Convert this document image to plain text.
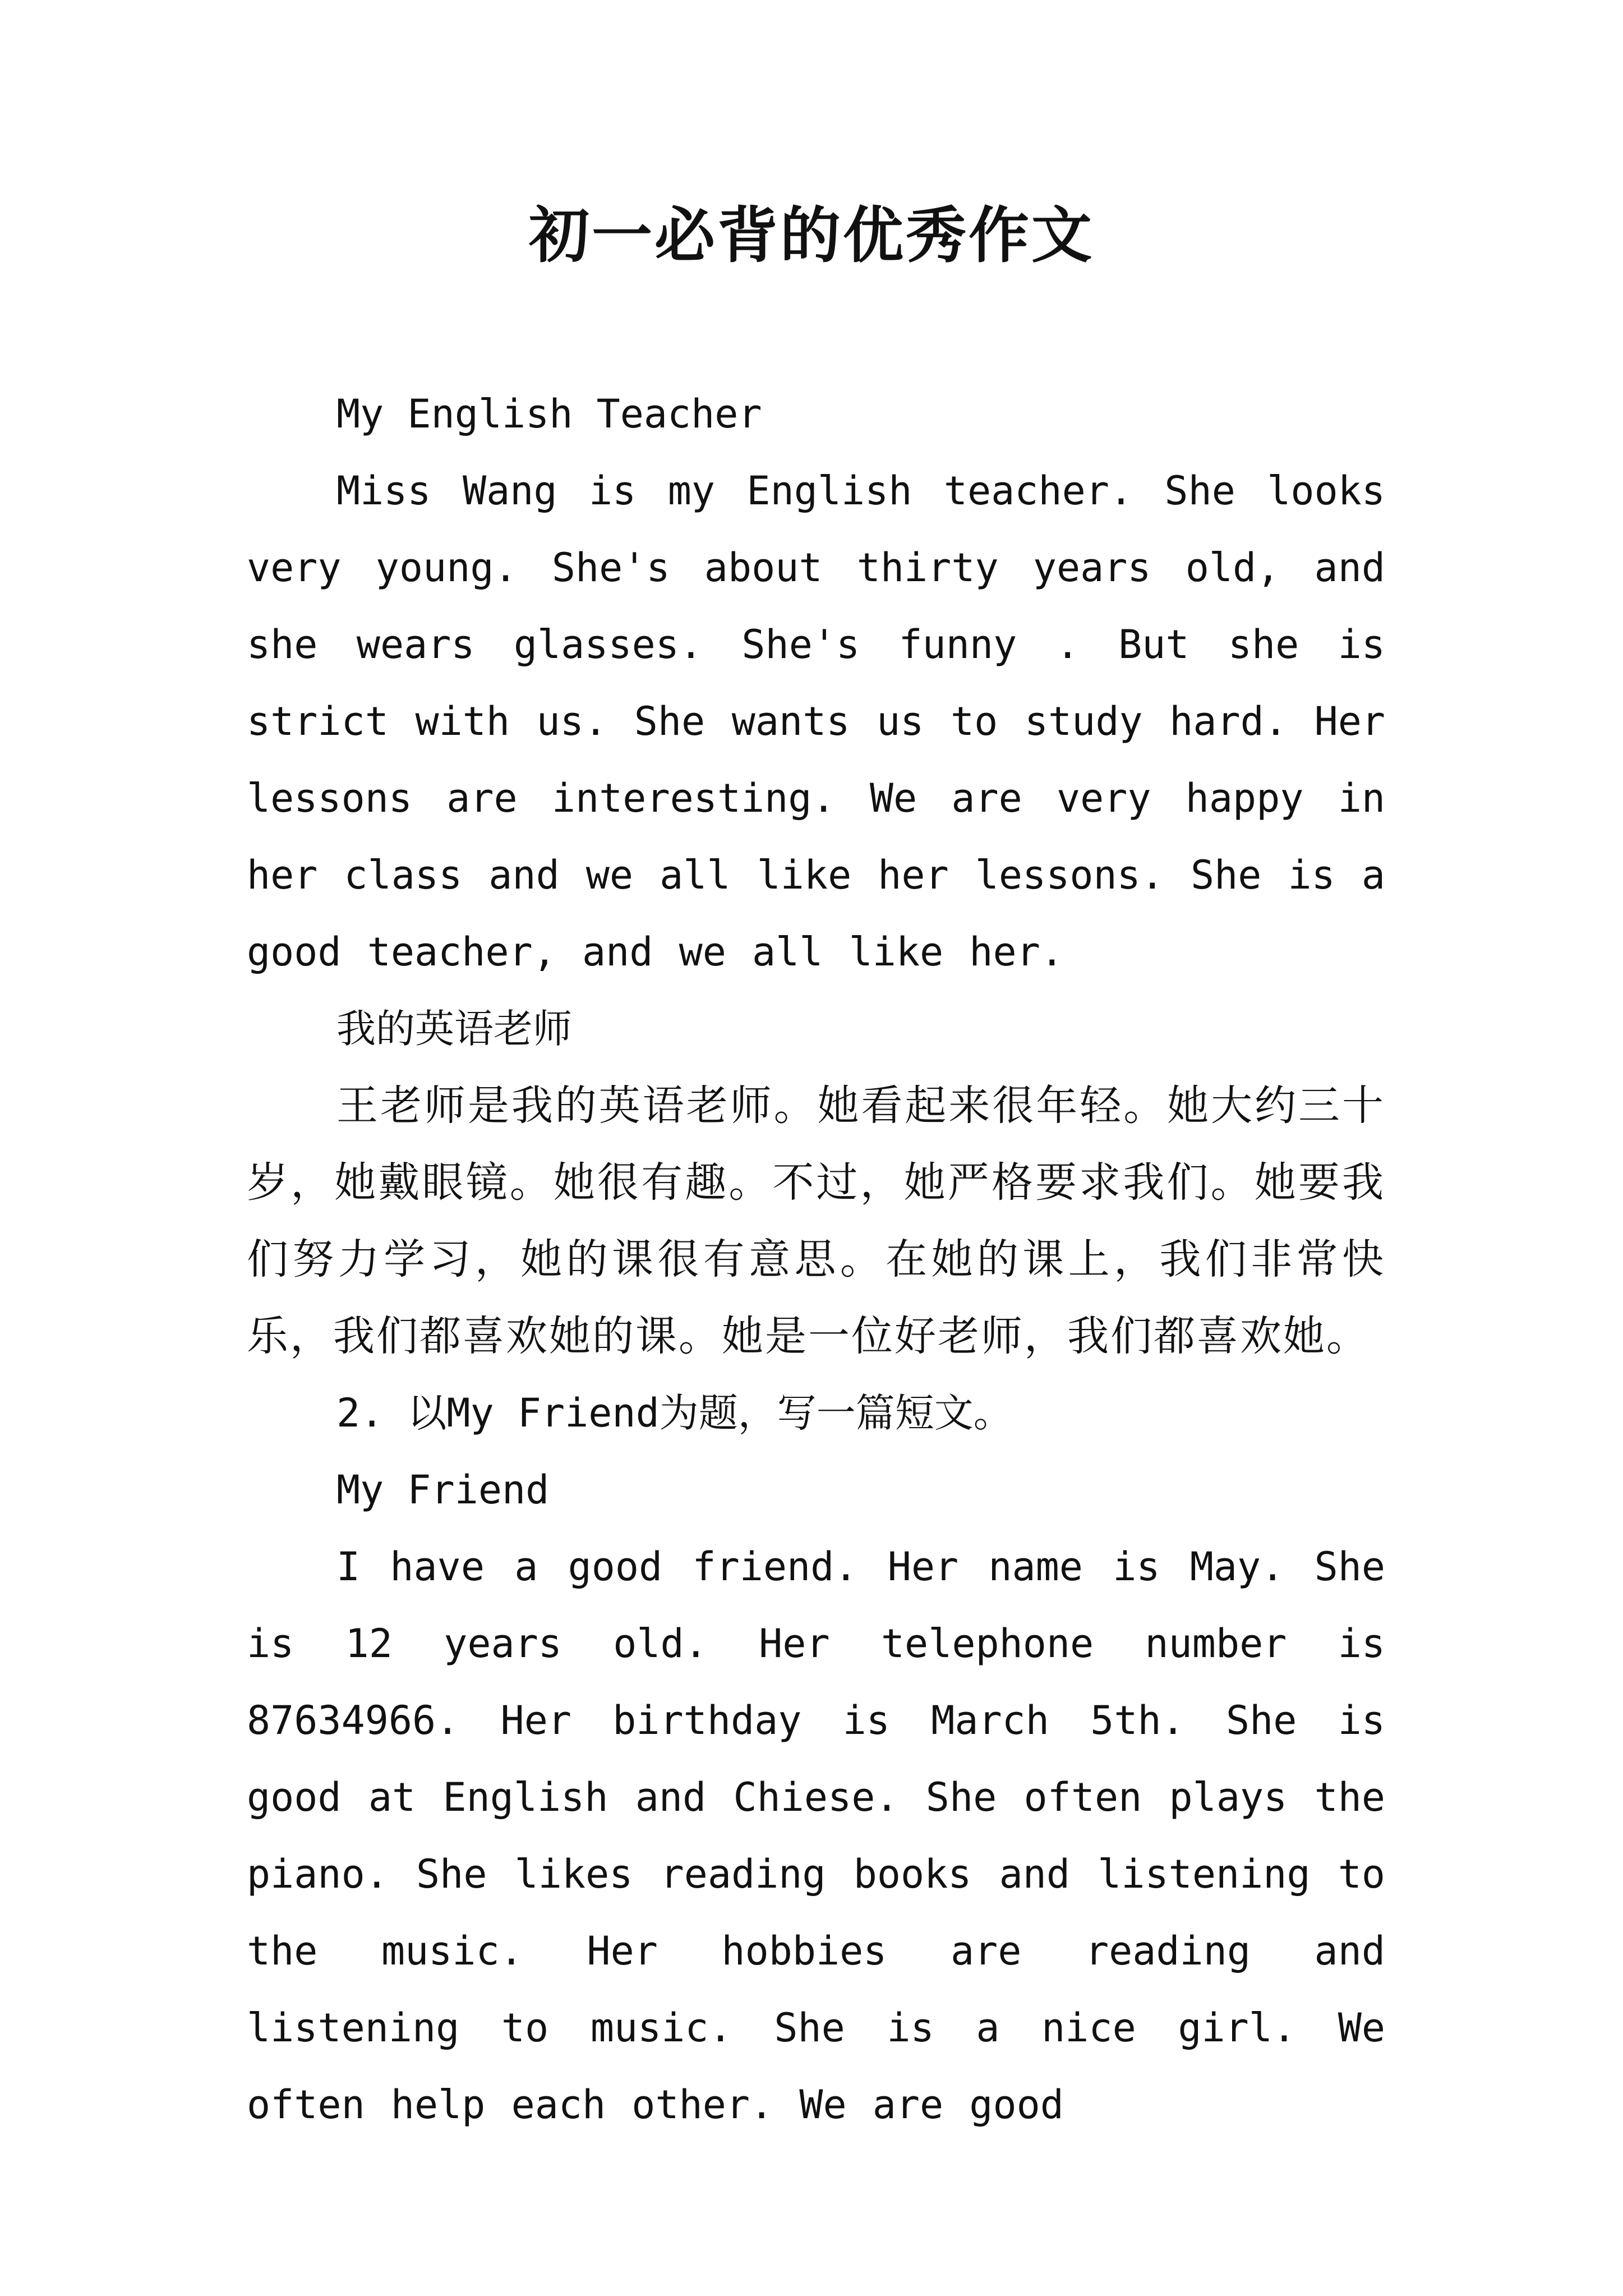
初一必背的优秀作文

My English Teacher

Miss Wang is my English teacher. She looks very young. She's about thirty years old, and she wears glasses. She's funny . But she is strict with us. She wants us to study hard. Her lessons are interesting. We are very happy in her class and we all like her lessons. She is a good teacher, and we all like her.

我的英语老师

王老师是我的英语老师。她看起来很年轻。她大约三十岁，她戴眼镜。她很有趣。不过，她严格要求我们。她要我们努力学习，她的课很有意思。在她的课上，我们非常快乐，我们都喜欢她的课。她是一位好老师，我们都喜欢她。

2. 以My Friend为题，写一篇短文。

My Friend

I have a good friend. Her name is May. She is 12 years old. Her telephone number is 87634966. Her birthday is March 5th. She is good at English and Chiese. She often plays the piano. She likes reading books and listening to the music. Her hobbies are reading and listening to music. She is a nice girl. We often help each other. We are good
